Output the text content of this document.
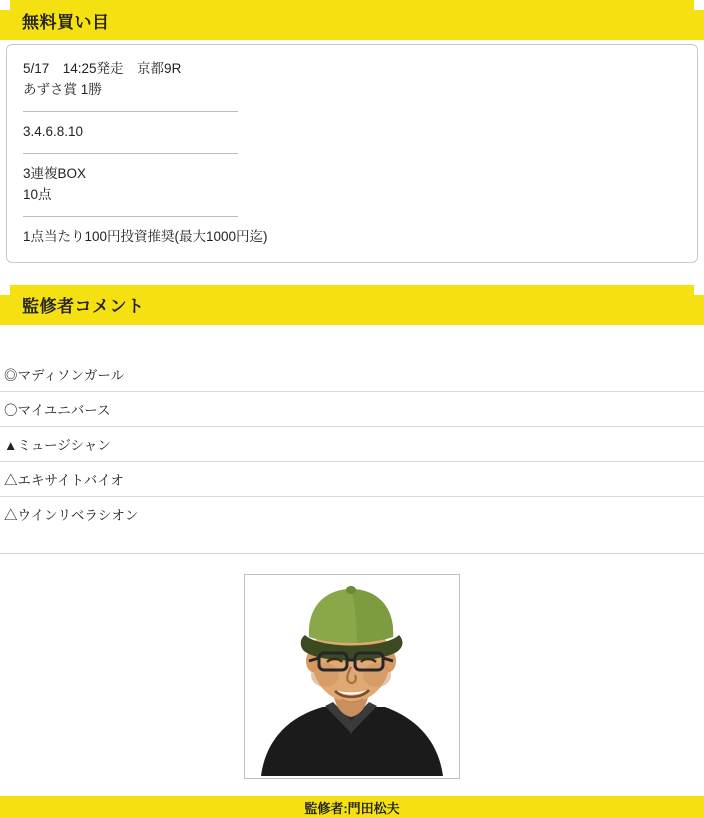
無料買い目
5/17　14:25発走　京都9R
あずさ賞 1勝
3.4.6.8.10
3連複BOX
10点
1点当たり100円投資推奨(最大1000円迄)
監修者コメント
◎マディソンガール
〇マイユニバース
▲ミュージシャン
△エキサイトバイオ
△ウインリベラシオン
監修者:門田松夫
